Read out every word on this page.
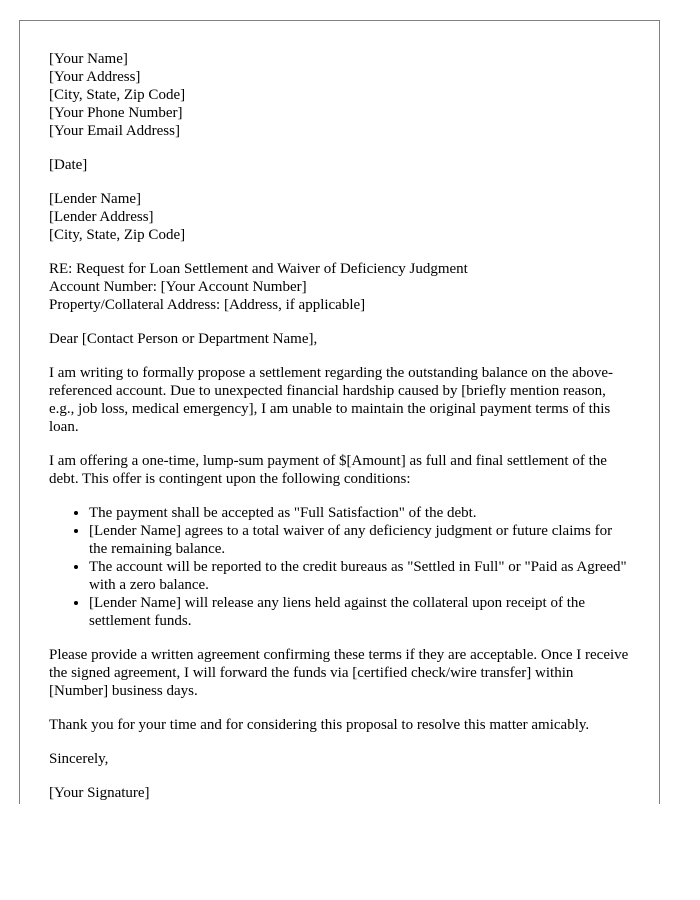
[Your Name]
[Your Address]
[City, State, Zip Code]
[Your Phone Number]
[Your Email Address]
[Date]
[Lender Name]
[Lender Address]
[City, State, Zip Code]
RE: Request for Loan Settlement and Waiver of Deficiency Judgment
Account Number: [Your Account Number]
Property/Collateral Address: [Address, if applicable]

Dear [Contact Person or Department Name],

I am writing to formally propose a settlement regarding the outstanding balance on the above-referenced account. Due to unexpected financial hardship caused by [briefly mention reason, e.g., job loss, medical emergency], I am unable to maintain the original payment terms of this loan.

I am offering a one-time, lump-sum payment of $[Amount] as full and final settlement of the debt. This offer is contingent upon the following conditions:

• The payment shall be accepted as "Full Satisfaction" of the debt.
• [Lender Name] agrees to a total waiver of any deficiency judgment or future claims for the remaining balance.
• The account will be reported to the credit bureaus as "Settled in Full" or "Paid as Agreed" with a zero balance.
• [Lender Name] will release any liens held against the collateral upon receipt of the settlement funds.

Please provide a written agreement confirming these terms if they are acceptable. Once I receive the signed agreement, I will forward the funds via [certified check/wire transfer] within [Number] business days.

Thank you for your time and for considering this proposal to resolve this matter amicably.

Sincerely,

[Your Signature]
